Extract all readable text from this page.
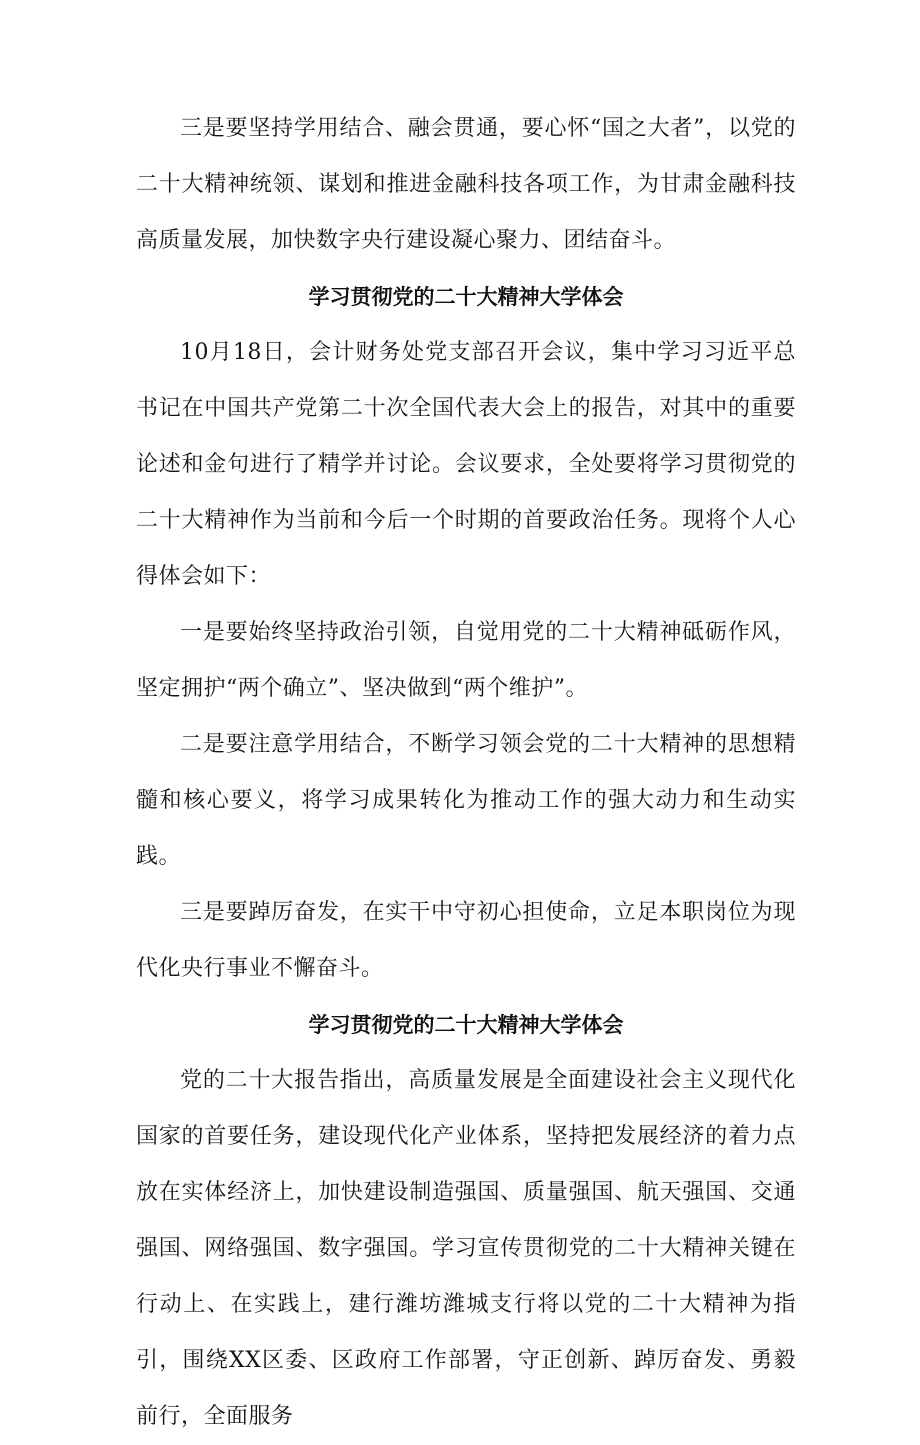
三是要坚持学用结合、融会贯通，要心怀“国之大者”，以党的二十大精神统领、谋划和推进金融科技各项工作，为甘肃金融科技高质量发展，加快数字央行建设凝心聚力、团结奋斗。

学习贯彻党的二十大精神大学体会

10月18日，会计财务处党支部召开会议，集中学习习近平总书记在中国共产党第二十次全国代表大会上的报告，对其中的重要论述和金句进行了精学并讨论。会议要求，全处要将学习贯彻党的二十大精神作为当前和今后一个时期的首要政治任务。现将个人心得体会如下：

一是要始终坚持政治引领，自觉用党的二十大精神砥砺作风，坚定拥护“两个确立”、坚决做到“两个维护”。

二是要注意学用结合，不断学习领会党的二十大精神的思想精髓和核心要义，将学习成果转化为推动工作的强大动力和生动实践。

三是要踔厉奋发，在实干中守初心担使命，立足本职岗位为现代化央行事业不懈奋斗。

学习贯彻党的二十大精神大学体会

党的二十大报告指出，高质量发展是全面建设社会主义现代化国家的首要任务，建设现代化产业体系，坚持把发展经济的着力点放在实体经济上，加快建设制造强国、质量强国、航天强国、交通强国、网络强国、数字强国。学习宣传贯彻党的二十大精神关键在行动上、在实践上，建行潍坊潍城支行将以党的二十大精神为指引，围绕XX区委、区政府工作部署，守正创新、踔厉奋发、勇毅前行，全面服务
